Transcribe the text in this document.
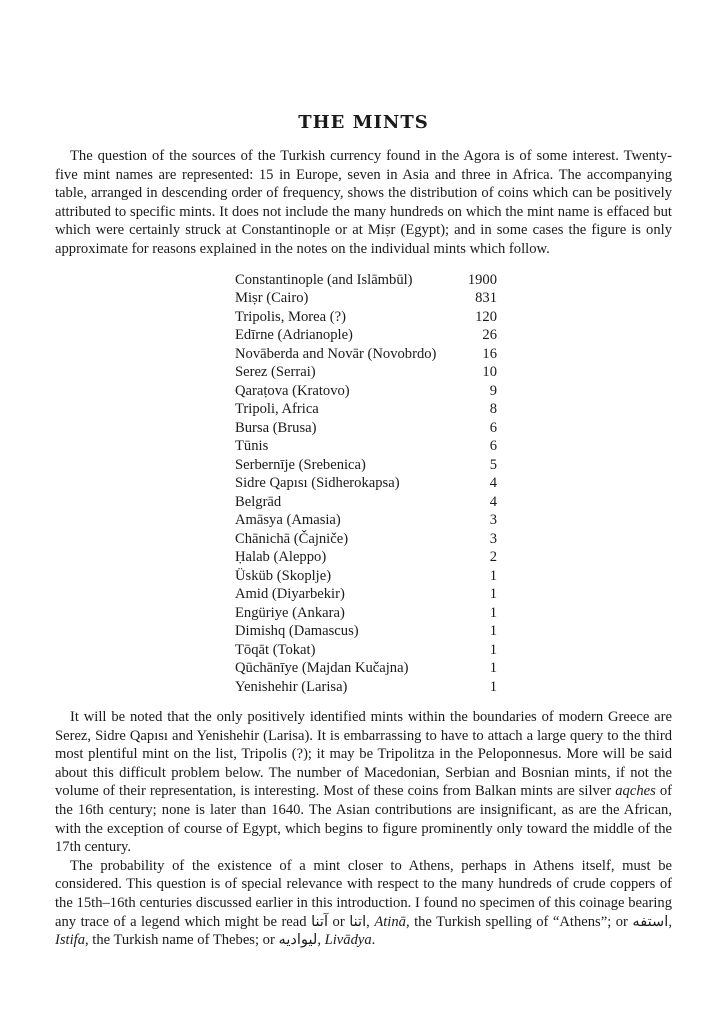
THE MINTS

The question of the sources of the Turkish currency found in the Agora is of some interest. Twenty-five mint names are represented: 15 in Europe, seven in Asia and three in Africa. The accompanying table, arranged in descending order of frequency, shows the distribution of coins which can be positively attributed to specific mints. It does not include the many hundreds on which the mint name is effaced but which were certainly struck at Constantinople or at Miṣr (Egypt); and in some cases the figure is only approximate for reasons explained in the notes on the individual mints which follow.

Constantinople (and Islāmbūl)	1900
Miṣr (Cairo)	831
Tripolis, Morea (?)	120
Edīrne (Adrianople)	26
Novāberda and Novār (Novobrdo)	16
Serez (Serrai)	10
Qaraṭova (Kratovo)	9
Tripoli, Africa	8
Bursa (Brusa)	6
Tūnis	6
Serbernīje (Srebenica)	5
Sidre Qapısı (Sidherokapsa)	4
Belgrād	4
Amāsya (Amasia)	3
Chānichā (Čajniče)	3
Ḥalab (Aleppo)	2
Üsküb (Skoplje)	1
Amid (Diyarbekir)	1
Engüriye (Ankara)	1
Dimishq (Damascus)	1
Tōqāt (Tokat)	1
Qūchānīye (Majdan Kučajna)	1
Yenishehir (Larisa)	1

It will be noted that the only positively identified mints within the boundaries of modern Greece are Serez, Sidre Qapısı and Yenishehir (Larisa). It is embarrassing to have to attach a large query to the third most plentiful mint on the list, Tripolis (?); it may be Tripolitza in the Peloponnesus. More will be said about this difficult problem below. The number of Macedonian, Serbian and Bosnian mints, if not the volume of their representation, is interesting. Most of these coins from Balkan mints are silver aqches of the 16th century; none is later than 1640. The Asian contributions are insignificant, as are the African, with the exception of course of Egypt, which begins to figure prominently only toward the middle of the 17th century.

The probability of the existence of a mint closer to Athens, perhaps in Athens itself, must be considered. This question is of special relevance with respect to the many hundreds of crude coppers of the 15th–16th centuries discussed earlier in this introduction. I found no specimen of this coinage bearing any trace of a legend which might be read آتنا or اتنا, Atinā, the Turkish spelling of “Athens”; or استفه, Istifa, the Turkish name of Thebes; or ليواديه, Livādya.
